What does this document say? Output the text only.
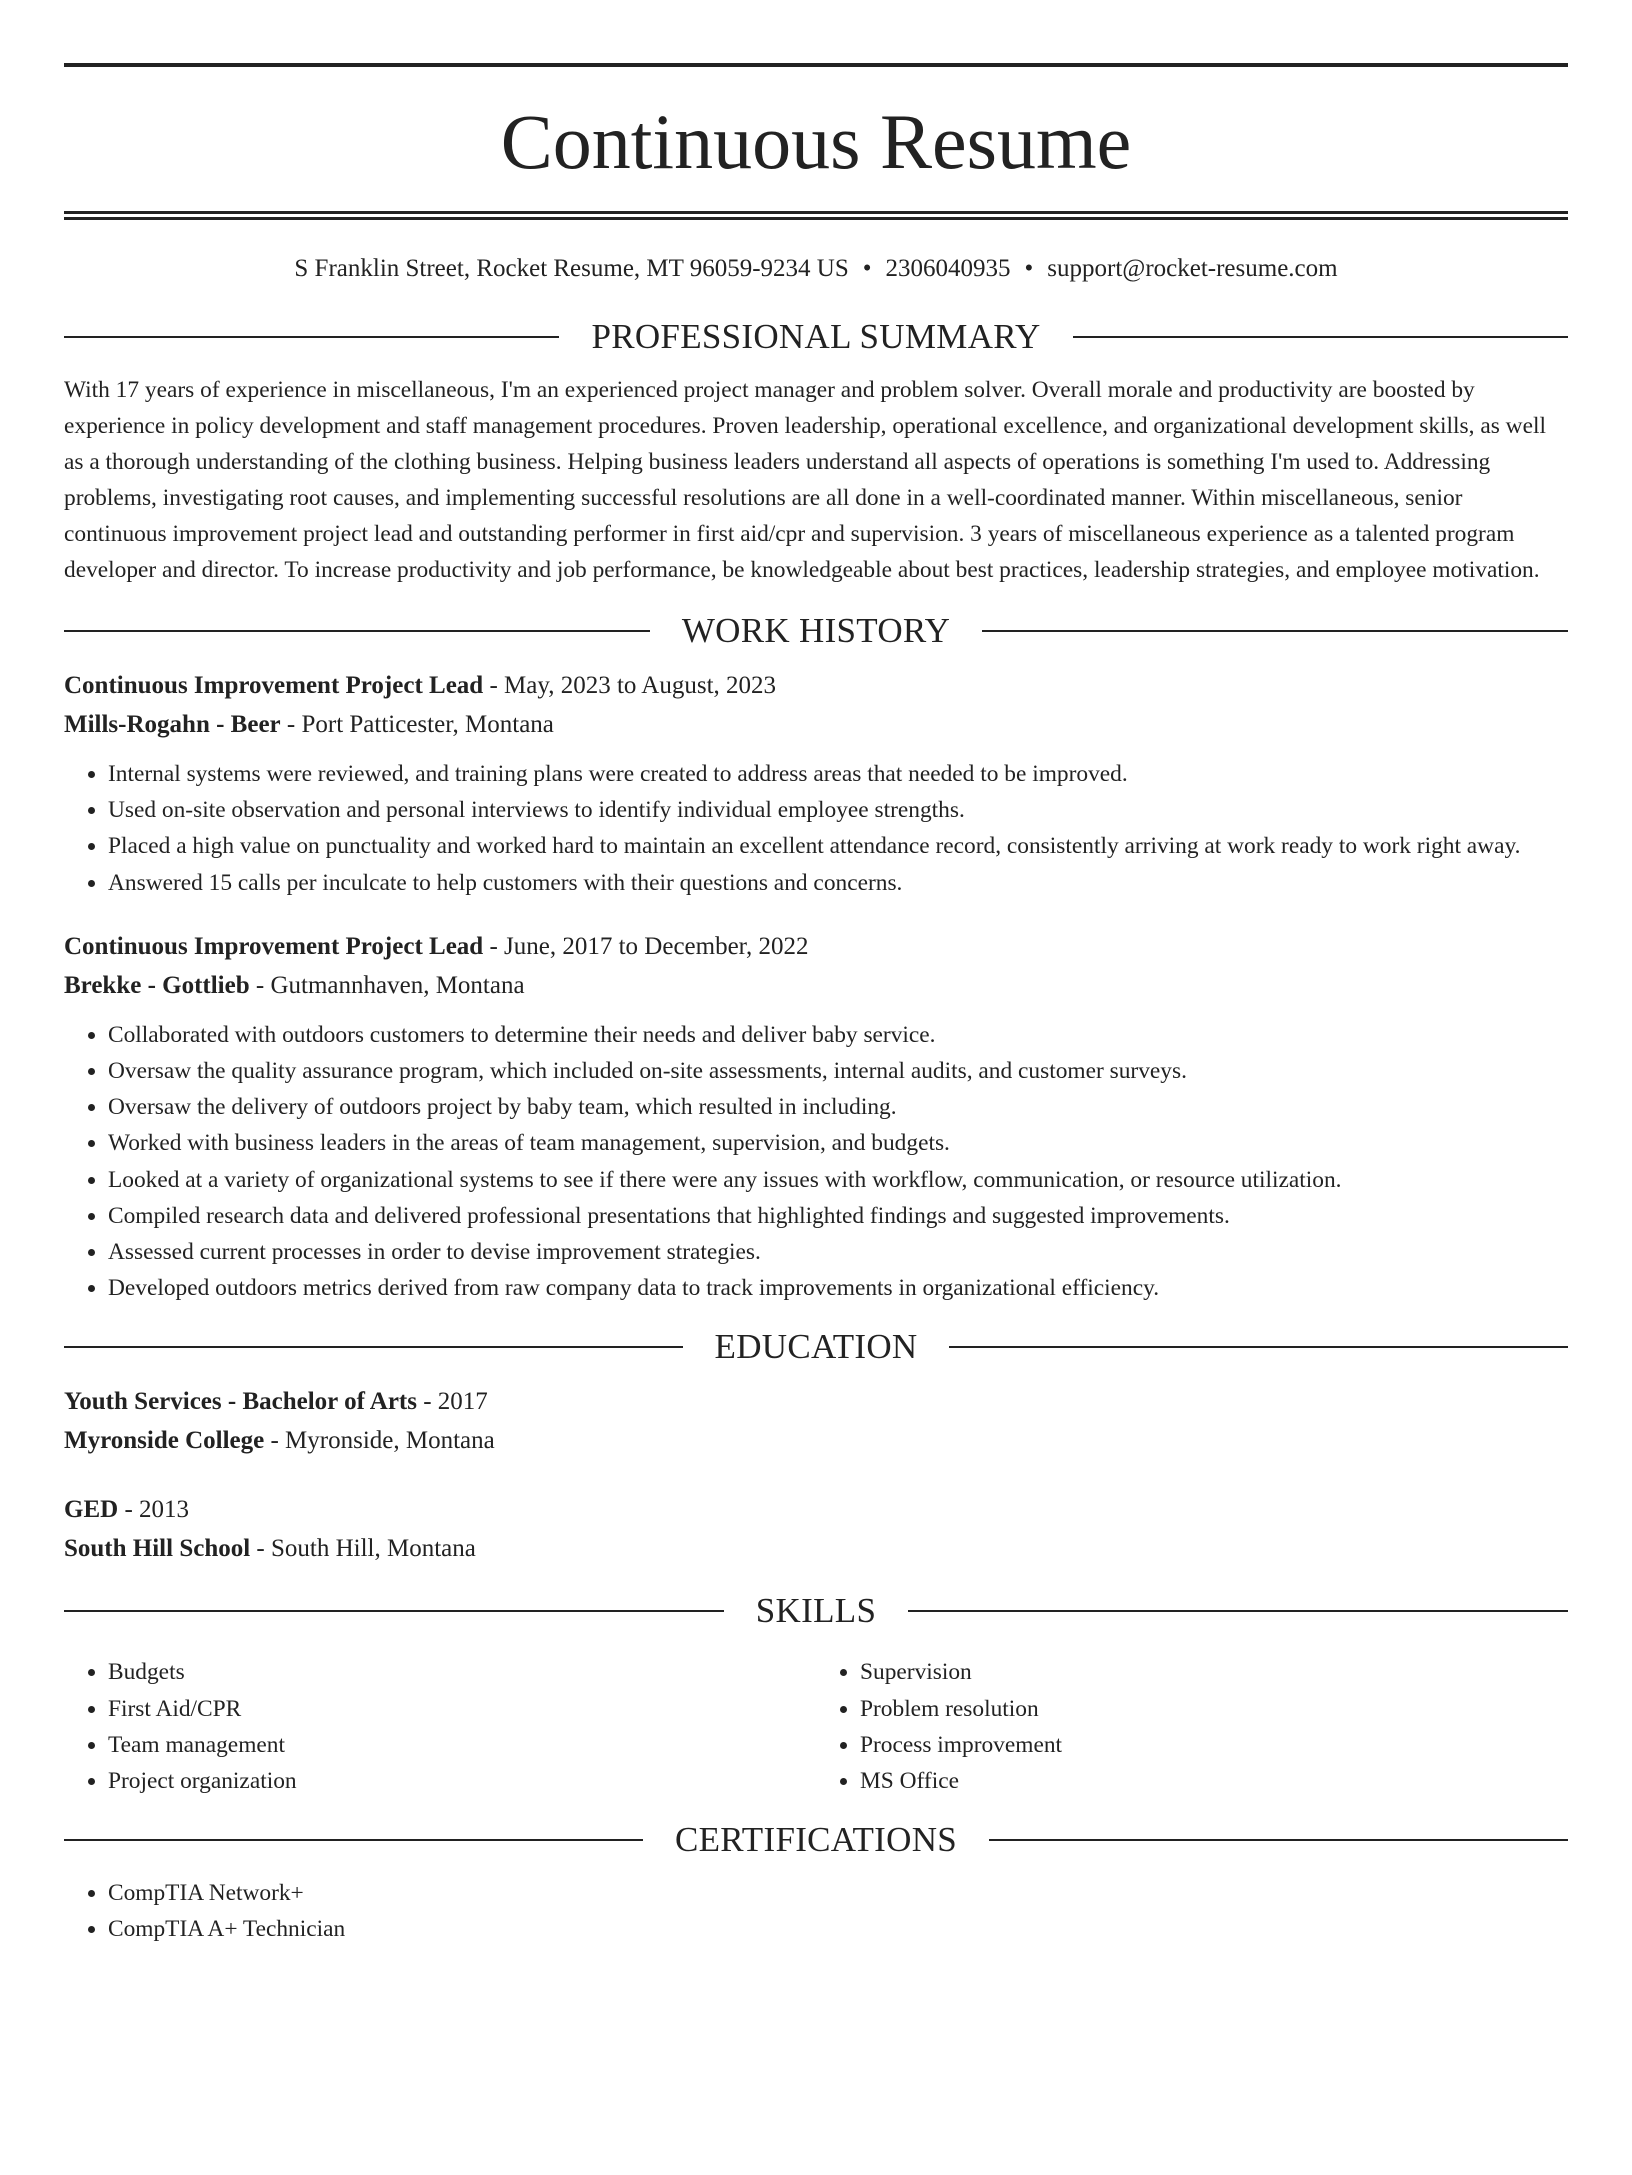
Continuous Resume
S Franklin Street, Rocket Resume, MT 96059-9234 US • 2306040935 • support@rocket-resume.com
PROFESSIONAL SUMMARY

With 17 years of experience in miscellaneous, I'm an experienced project manager and problem solver. Overall morale and productivity are boosted by experience in policy development and staff management procedures. Proven leadership, operational excellence, and organizational development skills, as well as a thorough understanding of the clothing business. Helping business leaders understand all aspects of operations is something I'm used to. Addressing problems, investigating root causes, and implementing successful resolutions are all done in a well-coordinated manner. Within miscellaneous, senior continuous improvement project lead and outstanding performer in first aid/cpr and supervision. 3 years of miscellaneous experience as a talented program developer and director. To increase productivity and job performance, be knowledgeable about best practices, leadership strategies, and employee motivation.

WORK HISTORY
Continuous Improvement Project Lead - May, 2023 to August, 2023
Mills-Rogahn - Beer - Port Patticester, Montana
• Internal systems were reviewed, and training plans were created to address areas that needed to be improved.
• Used on-site observation and personal interviews to identify individual employee strengths.
• Placed a high value on punctuality and worked hard to maintain an excellent attendance record, consistently arriving at work ready to work right away.
• Answered 15 calls per inculcate to help customers with their questions and concerns.
Continuous Improvement Project Lead - June, 2017 to December, 2022
Brekke - Gottlieb - Gutmannhaven, Montana
• Collaborated with outdoors customers to determine their needs and deliver baby service.
• Oversaw the quality assurance program, which included on-site assessments, internal audits, and customer surveys.
• Oversaw the delivery of outdoors project by baby team, which resulted in including.
• Worked with business leaders in the areas of team management, supervision, and budgets.
• Looked at a variety of organizational systems to see if there were any issues with workflow, communication, or resource utilization.
• Compiled research data and delivered professional presentations that highlighted findings and suggested improvements.
• Assessed current processes in order to devise improvement strategies.
• Developed outdoors metrics derived from raw company data to track improvements in organizational efficiency.
EDUCATION
Youth Services - Bachelor of Arts - 2017
Myronside College - Myronside, Montana
GED - 2013
South Hill School - South Hill, Montana
SKILLS
• Budgets
• First Aid/CPR
• Team management
• Project organization
• Supervision
• Problem resolution
• Process improvement
• MS Office
CERTIFICATIONS
• CompTIA Network+
• CompTIA A+ Technician
